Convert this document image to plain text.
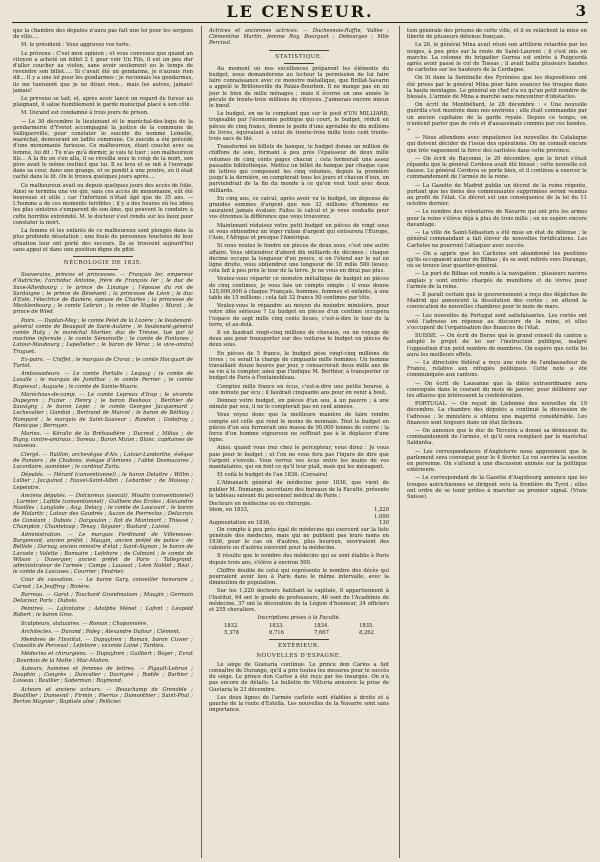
LE CENSEUR.	3

que la chambre des députés n'aura pas fait une loi pour les sergens de ville....

M. le président : Vous aggravez vos torts.

Le prévenu : C'est mon opinion ; et vous convenez que quand un citoyen a acheté un billet 2 f. pour voir Un Fils, il est un peu dur d'aller coucher au violon, sans avoir seulement eu le temps de revendre son billet..... Si c'avait été un gendarme, je n'aurais rien dit... Il y a une loi pour les gendarmes ; je reconnais les gendarmes, ils me tueraient que je ne dirais rien... mais les autres, jamais! jamais!

Le prévenu se tait; et, après avoir lancé un regard de fureur au plaignant, il salue humblement le garde municipal placé à son côté.

M. Durand est condamné à trois jours de prison.

— Le 30 décembre le lieutenant et le maréchal-des-logis de la gendarmerie d'Yvetot accompagné la justice de la commune de Valliquerville, pour constater le suicide du nommé Lemelle, maréchal, demeurant en ladite commune. Ce suicide a été précédé d'une monomanie furieuse. Ce malheureux, étant couché avec sa femme, lui dit : Tu n'as qu'à dormir, je vais te tuer ; son malheureux fils... A la fin on s'en alla, il se réveilla sous le coup de la mort, son père avait le même instinct que lui. Il se leva et se mit à l'ouvrage dans sa cour, dans une grange, et se pendit à une poutre, où il était caché dans le lit. On le trouva quelques jours après....

Ce malheureux avait eu depuis quelques jours des accès de folie. Ainsi se termina une vie qui, sans ces accès de monomanie, eût été heureuse et utile ; car l'infortuné n'était âgé que de 35 ans. — L'homme a de ces moments terribles ; il y a des heures où les idées les plus sinistres s'emparent de son âme, qui peuvent le conduire à cette horrible extrémité. M. le docteur s'est rendu sur les lieux pour constater la mort.

La femme et les enfants de ce malheureux sont plongés dans la plus profonde désolation ; une foule de personnes touchées de leur situation leur ont porté des secours. Ils se trouvent aujourd'hui sans appui et dans une position digne de pitié.

NÉCROLOGIE DE 1835.

Souverains, princes et princesses. — François Ier, empereur d'Autriche; l'archiduc Antoine, frère de François Ier ; le duc de Saxe-Altenbourg ; le prince de Linange ; l'épouse du roi de Sardaigne ; le prince de Bénévent ; la princesse de Léon ; le duc d'Este; l'électrice de Bavière, épouse de Charles ; la princesse de Mecklenbourg ; le comte Lebrun ; la reine de Naples ; Murat ; le prince de Wied.

Pairs. — Duplan-Mey ; le comte Pelet de la Lozère ; le lieutenant-général comte de Beaupoil de Saint-Aulaire ; le lieutenant-général comte Ruty ; le maréchal Mortier, duc de Trévise, tué par la machine infernale ; le comte Sémonville ; le comte de Fontanes ; Latour-Maubourg ; Lepelletier ; le baron de Vérac ; le vice-amiral Truguet.

Ex-pairs. — Chiffet ; le marquis de Civrac ; le comte Hocquart de Turtot.

Ambassadeurs. — Le comte Portalis ; Lequay ; le comte de Lasalle ; le marquis de Jumilhac ; le comte Perrier ; le comte Rayneval ; Auguste ; le comte de Sainte-Maure.

Maréchaux-de-camp. — Le comte Lepreux d'Irap ; le vicomte Dupeyron ; Fuzier ; Henry ; le baron Beshoux ; Berthier de Sauvigny ; le baron Lepic ; le comte Georges Jacquemard ; Lechevalier ; Gambin ; Bertrand de Marcel ; le baron de Béthisy ; Nompard ; le marquis de Saint-Sauveur ; Randon ; Godefroy ; Hanicque ; Berruyer.

Marins. — Kérallo de la Bréhaudière ; Ducrest ; Milius ; de Bigny, contre-amiraux ; Soreau ; Baron Mizon ; Blanc, capitaines de vaisseau.

Clergé. — Raillon, archevêque d'Aix ; Latour-Landorthe, évêque de Pamiers ; de Chabons, évêque d'Amiens ; l'abbé Desmazures ; Lacordaire, aumônier ; le cardinal Zurla.

Députés. — Hérard (conventionnel) ; le baron Delaître ; Willm ; Lallier ; Jacquinot ; Fauvel-Saint-Albin ; Lebarbier ; de Moussy ; Lepeintre.

Anciens députés. — Dolcioreux (avocat), Moulin (conventionnel) ; Lormier ; Lafitte (conventionnel) ; Guilhem des Ecoles ; Alexandre Noailles ; Langlade ; Aug. Delacy ; le comte de Laucourt ; le baron de Malartic ; Latour des Gaudrés ; Auzon de Pierreclos ; Delacroix de Constant ; Dubois ; Dargoulon ; Ilot de Montmort ; Thiessé ; Champion ; Chanteloup ; Tenay ; Séguier ; Bastard ; Laisné.

Administration. — Le marquis Ferdinand de Villeneuve-Bargemont, ancien préfet ; Maugin, ancien préfet de police ; de Bellisle ; Darnay, ancien ministre d'état ; Saint-Aignan ; le baron de Lacoste ; Valette ; Bonnaire ; Lefebvre ; de Colmont ; le comte de Wilson ; Duvergier, ancien préfet de Paris ; Talleyrand, administrateur de l'armée ; Camps ; Laussat ; Léon Noblet ; Réal ; le comte de Lascases ; Courrier ; Feutrier.

Cour de cassation. — Le baron Gary, conseiller honoraire ; Carnot ; Le Jeuffroy ; Rivière.

Barreau. — Garat ; Touchard Grandmaison ; Maugin ; Germain Delacour, Paris ; Dubois.

Peintres. — Lafontaine ; Adolphe Ménet ; Lafont ; Léopold Robert ; le baron Gros.

Sculpteurs, statuaires. — Roman ; Chaponnière.

Architectes. — Durand ; Paley ; Alexandre Dufour ; Clément.

Membres de l'Institut. — Dupuytren ; Roman, baron Cuvier ; Consolin de Perceval ; Lefebvre ; vicomte Lainé ; Tardieu.

Médecins et chirurgiens. — Dupuytren ; Guilbert ; Boyer ; Evrat ; Bourdois de la Motte ; Mac-Mahon.

Auteurs, hommes et femmes de lettres. — Pigault-Lebrun ; Dauphin ; Congrès ; Duncalier ; Davrigné ; Roddé ; Barbier ; Loiseau ; Boullier ; Saderman ; Raymond.

Acteurs et anciens acteurs. — Beauchamp de Grenoble ; Boutillier ; Dumesnil ; Firmin ; Pierrus ; Dumonthier ; Saint-Phal ; Berton Maynier ; Baptiste aîné ; Pellicier.

Actrices et anciennes actrices. — Duchesnois-Raffin, Vallée ; Clémentine Martin, femme Roy, Bourguet ; Debourges ; Mlle Percival.

STATISTIQUE.

Au moment où nos excellences préparent les éléments du budget, nous demanderons au lecteur la permission de lui faire faire connaissance avec ce monstre métallique, que Brillat-Savarin a appelé le Brillonsville du Palais-Bourbon. Il ne mange pas en un jour le bien de mille ménages ; mais il écorne en une année le pécule de trente-trois millions de citoyens. J'aimerais encore mieux le bœuf.

Le budget, en ne le comptant que sur le pied d'UN MILLIARD, tropisable par l'économie politique qui court, le budget, réduit en pièces de cinq francs, donne le poids d'une agréable de dix millions de livres, équivalant à celui de trente-trois mille trois cent trente-trois sacs de blé.

Transformé en billets de banque, le budget donne un million de chiffons de soie, formant à peu près l'épaisseur de deux mille volumes de cinq cents pages chacun ; cela formerait une assez passable bibliothèque. Mettez un billet de banque par chaque case de lettres qui composent les cinq volumes, depuis la première jusqu'à la dernière, on compterait tous les jours et chacun d'eux, on parviendrait de la fin du monde à ce qu'on veut tout avec deux milliards.

En cinq ans, ce calcul, après avoir vu le budget, on dépense de grandes sommes d'argent que nos 32 millions d'hommes ne sauraient jamais évaluer. Faites le calcul et je vous souhaite pour vos étrennes la différence que vous trouverez.

Maintenant réduisez votre petit budget en pièces de vingt sous et vous obtiendrez un léger ruban d'argent qui entourera l'Europe, l'Asie, l'Afrique et presque l'Amérique.

Si vous voulez le fondre en pièces de deux sous, c'est une autre affaire. Vous obtiendrez d'abord dix milliards de décimes ; chaque décime occupe la longueur d'un pouce, si on l'étend sur le sol en ligne droite, vous obtiendrez une longueur de 18 mille 500 lieues; cela fait à peu près le tour de la terre. Je ne vous en dirai pas plus.

Voulez-vous répartir ce monstre métallique de budget en pièces de cinq centimes, je vous fais un compte simple : il vous donne 125,000,000 à chaque Français, hommes, femmes et enfants, à une table de 15 millions ; cela fait 32 francs 50 centimes par tête.

Voulez-vous le répandre au moyen du moindre ministère, pour votre idée sérieuse ? Le budget en pièces d'un centime occupera l'espace de sept mille cinq cents lieues, c'est-à-dire le tour de la terre, et au-delà.

Il en faudrait vingt-cinq millions de chevaux, ou un voyage de deux ans pour transporter sur des voitures le budget en pièces de deux sous.

En pièces de 5 francs, le budget pèse vingt-cinq millions de livres ; ce serait la charge de cinquante mille hommes. Un homme travaillant douze heures par jour, y consacrerait deux mille ans de sa vie à le compter, ainsi que l'indique M. Berthier, à transporter ce budget de Paris à Fontainebleau.

Comptez mille francs en écus, c'est-à-dire une petite bourse, à une minute par écu ; il faudrait cinquante ans pour en venir à bout.

Donnez votre budget, en pièces d'un sou, à un pauvre ; à une minute par sou, il ne le compterait pas en cent années.

Vous voyez donc que la meilleure manière de faire rendre compte est celle qui rend le moins de monnaie. Tout le budget en pièces d'un sou formerait une masse de 90,000 tonnes de cuivre ; la force d'un homme vigoureux ne suffirait pas à le déplacer d'une ligne.

Ainsi, quand vous irez chez le percepteur, vous direz : Je vous paie pour le budget ; et l'on ne vous fera pas l'injure de dire que l'argent s'envole. Vous verrez vos écus entre les mains de vos mandataires, qui en font ce qu'il leur plaît, mais qui les ménagent.

Et voilà le budget de l'an 1836. (Corsaire)

L'Almanach général de médecine pour 1836, que vient de publier M. Domange, secrétaire des bureaux de la Faculté, présente le tableau suivant du personnel médical de Paris :

Docteurs en médecine ou en chirurgie.	
Idem, en 1833,	1,220
	1,090
Augmentation en 1836,	130

On compte à peu près égal de médecins qui exercent sur la liste générale des médecins, mais qui ne publient pas leurs noms en 1836, pour le cas où d'autres, plus heureux, ouvriraient des cabinets ou d'autres exercent pour la médecine.

Il résulte que le nombre des médecins qui se sont établis à Paris depuis trois ans, s'élève à environ 500.

Chiffre double de celui qui représente le nombre des décès qui pourraient avoir lieu à Paris dans le même intervalle, avec la diminution de population.

Sur les 1,220 docteurs habitant la capitale, 8 appartiennent à l'Institut, 64 ont le grade de professeurs, 46 sont de l'Académie de médecine, 37 ont la décoration de la Légion d'honneur, 34 officiers et 255 chevaliers.

Inscriptions prises à la Faculté.

1832.	1833.	1834.	1835.
5,378	6,716	7,667	8,262
EXTÉRIEUR.
NOUVELLES D'ESPAGNE.

Le siége de Guetaria continue. Le prince don Carlos a fait connaître de Durango, qu'il a pris toutes les mesures pour le succès du siége. Le prince don Carlos a été reçu par les insurgés. On n'a pas encore de détails. Le bulletin de Vittoria annonce la prise de Guetaria le 23 décembre.

Les deux lignes de l'armée carliste sont établies à droite et à gauche de la route d'Estella. Les nouvelles de la Navarre sont sans importance.

tion générale des prisons de cette ville, et il se relâchent la mise en liberté de plusieurs détenus français.

Le 26, le général Mina avait réuni son artillerie retardée par les neiges, à peu près sur la route de Saint-Laurent ; il s'est mis en marche. La colonne du brigadier Gurrea est entrée à Puigcerdà après avoir passé le col de Tossas ; il avait battu plusieurs bandes de carlistes sur les hauteurs de la Cerdagne.

On lit dans la Sentinelle des Pyrénées que les dispositions ont été prises par le général Mina pour faire avancer les troupes dans la haute montagne. Le général en chef n'a eu qu'un petit nombre de blessés. L'armée de Mina a marché sans rencontrer d'obstacles.

On écrit de Montbéliard, le 28 décembre : « Une nouvelle guérilla s'est montrée dans nos environs ; elle était commandée par un ancien capitaine de la garde royale. Depuis ce temps, on n'entend parler que de vols et d'assassinats commis par ces bandes. »

— Nous attendons avec impatience les nouvelles de Catalogne qui doivent décider de l'issue des opérations. On ne connaît encore que très vaguement la force des carlistes dans cette province.

— On écrit de Bayonne, le 29 décembre, que le bruit s'était répandu que le général Cordova avait été blessé ; cette nouvelle est fausse. Le général Cordova se porte bien, et il continue à exercer le commandement de l'armée de la reine.

— La Gazette de Madrid publie un décret de la reine régente, portant que les biens des communautés supprimées seront vendus au profit de l'état. Ce décret est une conséquence de la loi du 11 octobre dernier.

— Le nombre des volontaires de Navarre qui ont pris les armes pour la reine s'élève déjà à plus de trois mille ; on en espère encore davantage.

— La ville de Saint-Sébastien a été mise en état de défense ; le général commandant a fait élever de nouvelles fortifications. Les Carlistes ne pourront l'attaquer avec succès.

— On a appris que les Carlistes ont abandonné les positions qu'ils occupaient autour de Bilbao ; ils se sont retirés vers Durango, où se trouve leur quartier-général.

— Le port de Bilbao est rendu à la navigation ; plusieurs navires anglais y sont entrés chargés de munitions et de vivres pour l'armée de la reine.

— Il paraît certain que le gouvernement a reçu des dépêches de Madrid qui annoncent la dissolution des cortès ; on attend la convocation de nouvelles chambres pour le mois de mars.

— Les nouvelles de Portugal sont satisfaisantes. Les cortès ont voté l'adresse en réponse au discours de la reine, et elles s'occupent de l'organisation des finances de l'état.

SUISSE. — On écrit de Berne que le grand conseil du canton a adopté le projet de loi sur l'instruction publique, malgré l'opposition d'un petit nombre de membres. On espère que cette loi aura les meilleurs effets.

— Le directoire fédéral a reçu une note de l'ambassadeur de France, relative aux réfugiés politiques. Cette note a été communiquée aux cantons.

— On écrit de Lausanne que la diète extraordinaire sera convoquée dans le courant du mois de janvier, pour délibérer sur les affaires qui intéressent la confédération.

PORTUGAL. — On reçoit de Lisbonne des nouvelles du 19 décembre. La chambre des députés a continué la discussion de l'adresse ; le ministère a obtenu une majorité considérable. Les finances sont toujours dans un état fâcheux.

— On annonce que le duc de Terceira a donné sa démission du commandement de l'armée, et qu'il sera remplacé par le maréchal Saldanha.

— Les correspondances d'Angleterre nous apprennent que le parlement sera convoqué pour le 4 février. Le roi ouvrira la session en personne. On s'attend à une discussion animée sur la politique extérieure.

— Le correspondant de la Gazette d'Augsbourg annonce que les troupes autrichiennes se dirigent vers la frontière du Tyrol ; elles ont ordre de se tenir prêtes à marcher au premier signal. (Vraie Suisse).
